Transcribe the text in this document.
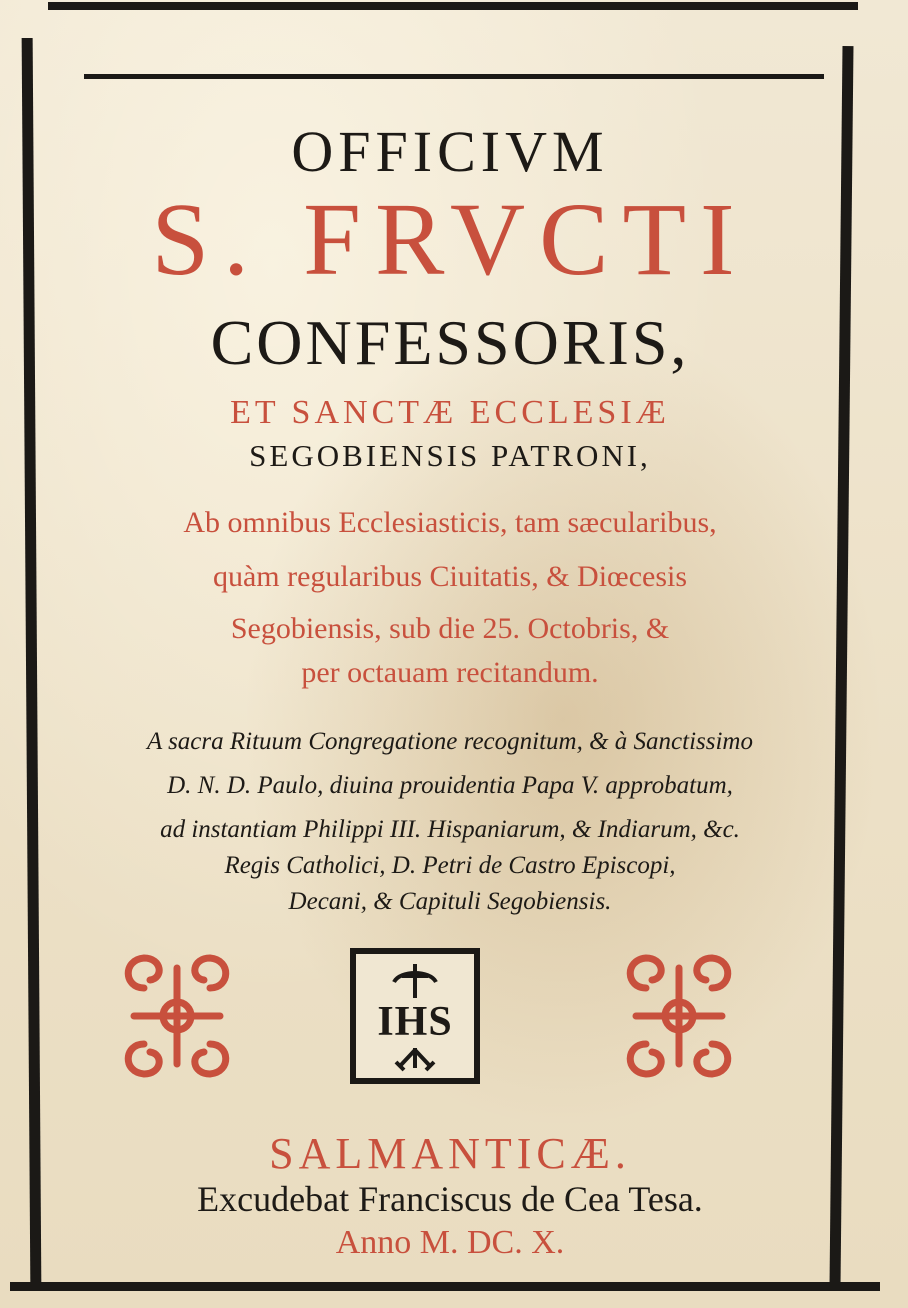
OFFICIVM
S. FRVCTI
CONFESSORIS,
ET SANCTÆ ECCLESIÆ
SEGOBIENSIS PATRONI,
Ab omnibus Ecclesiasticis, tam sæcularibus,
quàm regularibus Ciuitatis, & Diœcesis
Segobiensis, sub die 25. Octobris, &
per octauam recitandum.
A sacra Rituum Congregatione recognitum, & à Sanctissimo
D. N. D. Paulo, diuina prouidentia Papa V. approbatum,
ad instantiam Philippi III. Hispaniarum, & Indiarum, &c.
Regis Catholici, D. Petri de Castro Episcopi,
Decani, & Capituli Segobiensis.
IHS
SALMANTICÆ.
Excudebat Franciscus de Cea Tesa.
Anno M. DC. X.
